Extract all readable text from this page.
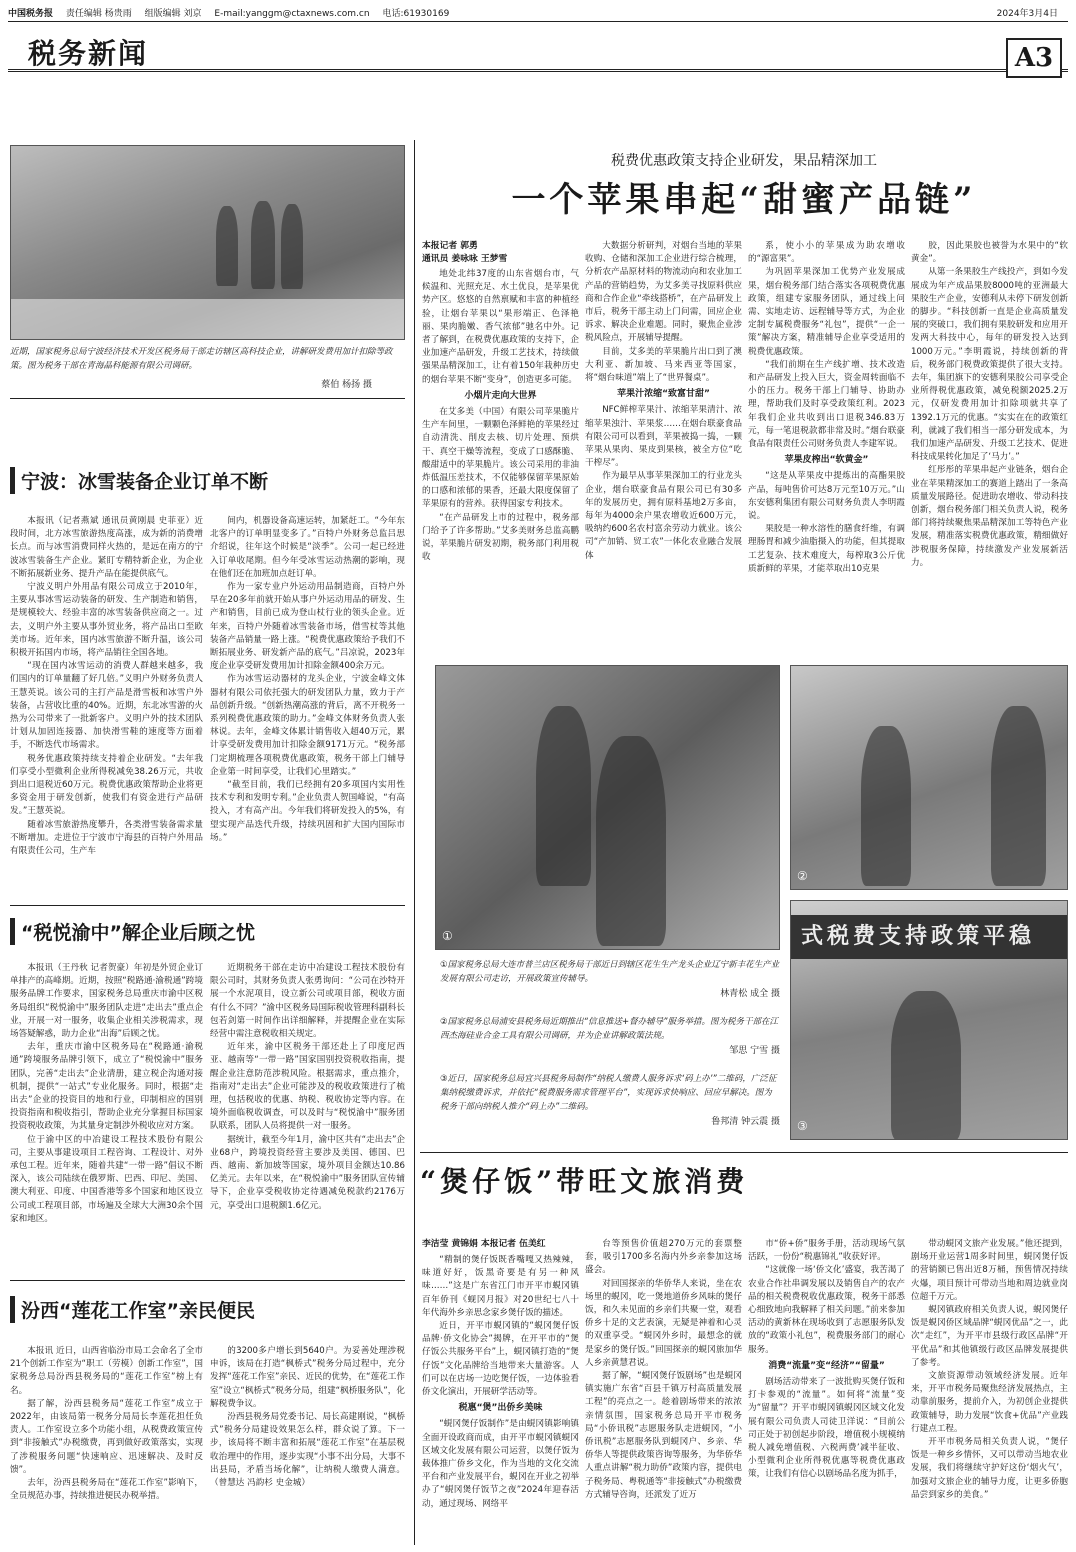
中国税务报 责任编辑 杨贵雨 组版编辑 刘京 E-mail:yanggm@ctaxnews.com.cn 电话:61930169	2024年3月4日
税务新闻	A3
近期，国家税务总局宁波经济技术开发区税务局干部走访辖区高科技企业，讲解研发费用加计扣除等政策。图为税务干部在青海晶科能源有限公司调研。
蔡伯 杨扬 摄
宁波：冰雪装备企业订单不断

本报讯（记者燕斌 通讯员黄刚晨 史菲亚）近段时间，北方冰雪旅游热度高涨，成为新的消费增长点。而与冰雪消费同样火热的，是远在南方的宁波冰雪装备生产企业。紧盯专精特新企业，为企业不断拓展新业务、提升产品在能提供底气。

宁波义明户外用品有限公司成立于2010年，主要从事冰雪运动装备的研发、生产制造和销售，是规模较大、经验丰富的冰雪装备供应商之一。过去，义明户外主要从事外贸业务，将产品出口至欧美市场。近年来，国内冰雪旅游不断升温，该公司积极开拓国内市场，将产品销往全国各地。

“现在国内冰雪运动的消费人群越来越多，我们国内的订单量翻了好几倍。”义明户外财务负责人王慧英说。该公司的主打产品是滑雪板和冰雪户外装备，占营收比重的40%。近期，东北冰雪游的火热为公司带来了一批新客户。义明户外的技术团队计划从加固连接器、加快滑雪鞋的速度等方面着手，不断迭代市场需求。

税务优惠政策持续支持着企业研发。“去年我们享受小型微利企业所得税减免38.26万元，共收到出口退税近60万元。税费优惠政策帮助企业将更多资金用于研发创新，使我们有资金进行产品研发。”王慧英说。

随着冰雪旅游热度攀升，各类滑雪装备需求量不断增加。走进位于宁波市宁海县的百特户外用品有限责任公司，生产车

间内，机器设备高速运转，加紧赶工。“今年东北客户的订单明显变多了。”百特户外财务总监吕思介绍说，往年这个时候是“淡季”。公司一起已经进入订单收尾期。但今年受冰雪运动热潮的影响，现在他们还在加班加点赶订单。

作为一家专业户外运动用品制造商，百特户外早在20多年前就开始从事户外运动用品的研发、生产和销售，目前已成为登山杖行业的领头企业。近年来，百特户外随着冰雪装备市场，借雪杖等其他装备产品销量一路上涨。“税费优惠政策给予我们不断拓展业务、研发新产品的底气。”吕凉说，2023年度企业享受研发费用加计扣除金额400余万元。

作为冰雪运动器材的龙头企业，宁波金峰文体器材有限公司依托强大的研发团队力量，致力于产品创新升级。“创新热潮高涨的背后，离不开税务一系列税费优惠政策的助力。”金峰文体财务负责人张林说。去年，金峰文体累计销售收入超40万元，累计享受研发费用加计扣除金额9171万元。“税务部门定期梳理各项税费优惠政策，税务干部上门辅导企业第一时间享受，让我们心里踏实。”

“截至目前，我们已经拥有20多项国内实用性技术专利和发明专利。”企业负责人贺国峰说，“有高投入，才有高产出。今年我们将研发投入的5%，有望实现产品迭代升级，持续巩固和扩大国内国际市场。”

“税悦渝中”解企业后顾之忧

本报讯（王丹秋 记者贺豪）年初是外贸企业订单排产的高峰期。近期，按照“税路通·渝税通”跨境服务品牌工作要求，国家税务总局重庆市渝中区税务局组织“税悦渝中”服务团队走进“走出去”重点企业，开展一对一服务，收集企业相关涉税需求，现场答疑解惑，助力企业“出海”后顾之忧。

去年，重庆市渝中区税务局在“税路通·渝税通”跨境服务品牌引领下，成立了“税悦渝中”服务团队，完善“走出去”企业清册，建立税企沟通对接机制，提供“一站式”专业化服务。同时，根据“走出去”企业的投资目的地和行业，印制相应的国别投资指南和税收指引，帮助企业充分掌握目标国家投资税收政策，为其量身定制涉外税收应对方案。

位于渝中区的中冶建设工程技术股份有限公司，主要从事建设项目工程咨询、工程设计、对外承包工程。近年来，随着共建“一带一路”倡议不断深入，该公司陆续在俄罗斯、巴西、印尼、美国、澳大利亚、印度、中国香港等多个国家和地区设立公司或工程项目部，市场遍及全球大大洲30余个国家和地区。

近期税务干部在走访中冶建设工程技术股份有限公司时，其财务负责人张勇询问：“公司在沙特开展一个水泥项目，设立新公司或项目部，税收方面有什么不同？”渝中区税务局国际税收管理科副科长包若剑第一时间作出详细解释，并提醒企业在实际经营中需注意税收相关规定。

近年来，渝中区税务干部还赴上了印度尼西亚、越南等“一带一路”国家国别投资税收指南，提醒企业注意防范涉税风险。根据需求，重点推介，指南对“走出去”企业可能涉及的税收政策进行了梳理，包括税收的优惠、纳税、税收协定等内容。在境外面临税收调查，可以及时与“税悦渝中”服务团队联系，团队人员将提供一对一服务。

据统计，截至今年1月，渝中区共有“走出去”企业68户，跨境投资经营主要涉及美国、德国、巴西、越南、新加坡等国家，境外项目金额达10.86亿美元。去年以来，在“税悦渝中”服务团队宣传辅导下，企业享受税收协定待遇减免税款约2176万元，享受出口退税额1.6亿元。

汾西“莲花工作室”亲民便民

本报讯 近日，山西省临汾市局工会命名了全市21个创新工作室为“职工（劳模）创新工作室”，国家税务总局汾西县税务局的“莲花工作室”榜上有名。

据了解，汾西县税务局“莲花工作室”成立于2022年，由该局第一税务分局局长李莲花担任负责人。工作室设立多个功能小组，从税费政策宣传到“非接触式”办税缴费，再到做好政策落实，实现了涉税服务问题“快速响应、迅速解决、及时反馈”。

去年，汾西县税务局在“莲花工作室”影响下，全员规范办事，持续推进便民办税举措。

的3200多户增长到5640户。为妥善处理涉税申诉，该局在打造“枫桥式”税务分局过程中，充分发挥“莲花工作室”亲民、近民的优势，在“莲花工作室”设立“枫桥式”税务分局，组建“枫桥服务队”，化解税费争议。

汾西县税务局党委书记、局长高建刚说，“枫桥式”税务分局建设效果怎么样，群众说了算。下一步，该局将不断丰富和拓展“莲花工作室”在基层税收治理中的作用，逐步实现“小事不出分局，大事不出县局，矛盾当场化解”，让纳税人缴费人满意。（曾慧达 冯韵杉 史金城）

税费优惠政策支持企业研发，果品精深加工
一个苹果串起“甜蜜产品链”
本报记者 郭勇
通讯员 姜咏咏 王梦雪

地处北纬37度的山东省烟台市，气候温和、光照充足、水土优良，是苹果优势产区。悠悠的自然禀赋和丰富的种植经验，让烟台苹果以“果形端正、色泽艳丽、果肉脆嫩、香气浓郁”驰名中外。记者了解到，在税费优惠政策的支持下，企业加速产品研发，升级工艺技术，持续做强果品精深加工，让有着150年栽种历史的烟台苹果不断“变身”，创造更多可能。

小烟片走向大世界

在艾多美（中国）有限公司苹果脆片生产车间里，一颗颗色泽鲜艳的苹果经过自动清洗、削皮去核、切片处理、预烘干、真空干燥等流程，变成了口感酥脆、酸甜适中的苹果脆片。该公司采用的非油炸低温压差技术，不仅能够保留苹果原始的口感和浓郁的果香，还最大限度保留了苹果原有的营养。获得国家专利技术。

“在产品研发上市的过程中，税务部门给予了许多帮助。”艾多美财务总监高鹏说，苹果脆片研发初期，税务部门利用税收

大数据分析研判，对烟台当地的苹果收购、仓储和深加工企业进行综合梳理，分析农产品原材料的物流动向和农业加工产品的营销趋势，为艾多美寻找原料供应商和合作企业“牵线搭桥”，在产品研发上市后，税务干部主动上门问需，回应企业诉求、解决企业难题。同时，聚焦企业涉税风险点，开展辅导提醒。

目前，艾多美的苹果脆片出口到了澳大利亚、新加坡、马来西亚等国家，将“烟台味道”端上了“世界餐桌”。

苹果汁浓缩“致富甘甜”

NFC鲜榨苹果汁、浓缩苹果清汁、浓缩苹果浊汁、苹果浆……在烟台联豪食品有限公司可以看到，苹果被捣一捣，一颗苹果从果肉、果皮到果核，被全方位“吃干榨尽”。

作为最早从事苹果深加工的行业龙头企业，烟台联豪食品有限公司已有30多年的发展历史，拥有原料基地2万多亩，每年为4000余户果农增收近600万元，吸纳约600名农村富余劳动力就业。该公司“产加销、贸工农”一体化农业融合发展体

系，使小小的苹果成为助农增收的“源富果”。

为巩固苹果深加工优势产业发展成果，烟台税务部门结合落实各项税费优惠政策，组建专家服务团队，通过线上问需、实地走访、远程辅导等方式，为企业定制专属税费服务“礼包”，提供“一企一策”解决方案，精准辅导企业享受适用的税费优惠政策。

“我们前期在生产线扩增、技术改造和产品研发上投入巨大，资金周转面临不小的压力。税务干部上门辅导、协助办理，帮助我们及时享受政策红利。2023年我们企业共收到出口退税346.83万元，每一笔退税款都非常及时。”烟台联豪食品有限责任公司财务负责人李建军说。

苹果皮榨出“软黄金”

“这是从苹果皮中提炼出的高酯果胶产品，每吨售价可达8万元至10万元。”山东安德利集团有限公司财务负责人李明霞说。

果胶是一种水溶性的膳食纤维，有调理肠胃和减少油脂摄入的功能，但其提取工艺复杂、技术难度大，每榨取3公斤优质新鲜的苹果，才能萃取出10克果

胶，因此果胶也被誉为水果中的“软黄金”。

从第一条果胶生产线投产，到如今发展成为年产成品果胶8000吨的亚洲最大果胶生产企业，安德利从未停下研发创新的脚步。“科技创新一直是企业高质量发展的突破口，我们拥有果胶研发和应用开发两大科技中心，每年的研发投入达到1000万元。”李明霞说，持续创新的背后，税务部门税费政策提供了很大支持。去年，集团旗下的安德利果胶公司享受企业所得税优惠政策，减免税额2025.2万元，仅研发费用加计扣除项就共享了1392.1万元的优惠。“实实在在的政策红利，就减了我们相当一部分研发成本，为我们加速产品研发、升级工艺技术、促进科技成果转化加足了‘马力’。”

红彤彤的苹果串起产业链条，烟台企业在苹果精深加工的赛道上踏出了一条高质量发展路径。促进助农增收、带动科技创新，烟台税务部门相关负责人说，税务部门将持续聚焦果品精深加工等特色产业发展，精准落实税费优惠政策，精细做好涉税服务保障，持续激发产业发展新活力。

①
②
式税费支持政策平稳
③
①国家税务总局大连市普兰店区税务局干部近日到辖区花生生产龙头企业辽宁新丰花生产业发展有限公司走访，开展政策宣传辅导。
林青松 成全 摄
②国家税务总局浦安县税务局近期推出“信息推送+督办辅导”服务举措。图为税务干部在江西杰海硅业合金工具有限公司调研，并为企业讲解政策法规。
邹思 宁雪 摄
③近日，国家税务总局宜兴县税务局制作“纳税人缴费人服务诉求‘码上办’”二维码，广泛征集纳税缴费诉求，并依托“税费服务需求管理平台”，实现诉求快响应、回应早解决。图为税务干部向纳税人推介“码上办”二维码。
鲁邦清 钟云震 摄
“煲仔饭”带旺文旅消费
李洁莹 黄锦娟 本报记者 伍美红

“精制的煲仔饭既香嘴嘎又热辣辣，味道好好，饭黑奇要是有另一种风味……”这是广东省江门市开平市蜆冈镇百年侨刊《蚬冈月报》对20世纪七八十年代海外乡亲思念家乡煲仔饭的描述。

近日，开平市蜆冈镇的“蜆冈煲仔饭品牌·侨文化协会”揭牌，在开平市的“煲仔饭公共服务平台”上，蜆冈镇打造的“煲仔饭”文化品牌给当地带来大量游客。人们可以在店场一边吃煲仔饭，一边体验看侨文化演出，开展研学活动等。

税惠“煲”出侨乡美味

“蜆冈煲仔饭制作”是由蜆冈镇影响镇全面开设政商而成，由开平市蜆冈镇蜆冈区域文化发展有限公司运营，以煲仔饭为载体推广侨乡文化，作为当地的文化交流平台和产业发展平台，蜆冈在开业之初举办了“蜆冈煲仔饭节之夜”2024年迎春活动，通过现场、网络平

台等预售价值超270万元的套票整套，吸引1700多名海内外乡亲参加这场盛会。

对回国探亲的华侨华人来说，坐在农场里的蜆冈，吃一煲地道侨乡风味的煲仔饭，和久未见面的乡亲们共聚一堂，观看侨乡十足的文艺表演，无疑是神着和心灵的双重享受。“蜆冈外乡时，最想念的就是家乡的煲仔饭。”回国探亲的蜆冈旅加华人乡亲黄慧君说。

据了解，“蜆冈煲仔饭剧场”也是蜆冈镇实施广东省“百县千镇万村高质量发展工程”的亮点之一。趁着剧场带来的浓浓亲情氛围，国家税务总局开平市税务局“小侨讯税”志愿服务队走进蜆冈，“小侨讯税”志愿服务队到蜆冈户、乡亲、华侨华人等提供政策咨询等服务，为华侨华人重点讲解“税力助侨”政策内容，提供电子税务局、粤税通等“非接触式”办税缴费方式辅导咨询，还派发了近万

市“侨+侨”服务手册，活动现场气氛活跃，一份份“税惠锦礼”收获好评。

“这就像一场‘侨文化’盛宴，我苦渴了农业合作社串调发展以及销售自产的农产品的相关税费税收优惠政策，税务干部悉心细致地向我解释了相关问题。”前来参加活动的黄新林在现场收到了志愿服务队发放的“政策小礼包”，税费服务部门的耐心服务。

消费“流量”变“经济”“留量”

剧场活动带来了一波批购买煲仔饭和打卡参观的“流量”。如何将“流量”变为“留量”？开平市蜆冈镇蜆冈区域文化发展有限公司负责人司徒卫洋说：“目前公司正处于初创起步阶段，增值税小规模纳税人减免增值税、六税两费’减半征收、小型微利企业所得税优惠等税费优惠政策，让我们有信心以剧场品名度为抓手，

带动蜆冈文旅产业发展。”他还提到，剧场开业运营1周多时间里，蜆冈煲仔饭的营销额已售出近8万桶，预售情况持续火爆，项目预计可带动当地和周边就业岗位超千万元。

蜆冈镇政府相关负责人说，蜆冈煲仔饭是蜆冈侨区域品牌“蜆冈优品”之一，此次“走红”，为开平市县级行政区品牌“开平优品”和其他镇级行政区品牌发展提供了参考。

文旅资源带动领域经济发展。近年来，开平市税务局聚焦经济发展热点，主动靠前服务，提前介入，为初创企业提供政策辅导，助力发展“饮食+优品”产业践行建点工程。

开平市税务局相关负责人说，“煲仔饭是一种乡乡情怀，又可以带动当地农业发展，我们将继续守护好这份‘烟火气’，加强对文旅企业的辅导力度，让更多侨胞品尝到家乡的美食。”
